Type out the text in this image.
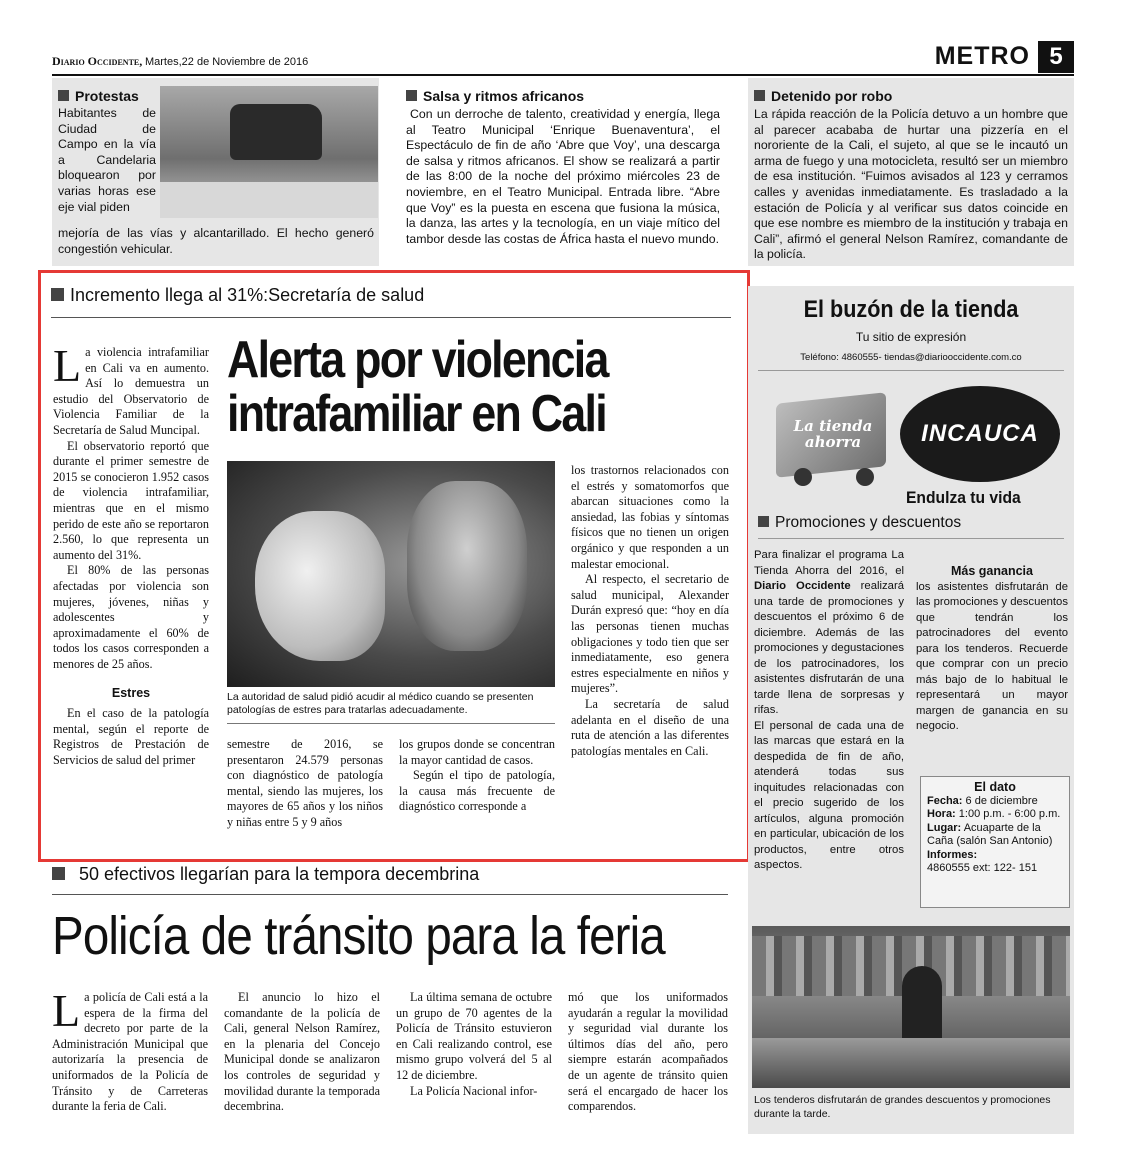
Diario Occidente, Martes,22 de Noviembre de 2016	METRO 5
Protestas
Habitantes de Ciudad de Campo en la vía a Candelaria bloquearon por varias horas ese eje vial piden
mejoría de las vías y alcantarillado. El hecho generó congestión vehicular.
Salsa y ritmos africanos
Con un derroche de talento, creatividad y energía, llega al Teatro Municipal ‘Enrique Buenaventura’, el Espectáculo de fin de año ‘Abre que Voy’, una descarga de salsa y ritmos africanos. El show se realizará a partir de las 8:00 de la noche del próximo miércoles 23 de noviembre, en el Teatro Municipal. Entrada libre. “Abre que Voy” es la puesta en escena que fusiona la música, la danza, las artes y la tecnología, en un viaje mítico del tambor desde las costas de África hasta el nuevo mundo.
Detenido por robo
La rápida reacción de la Policía detuvo a un hombre que al parecer acababa de hurtar una pizzería en el nororiente de la Cali, el sujeto, al que se le incautó un arma de fuego y una motocicleta, resultó ser un miembro de esa institución. “Fuimos avisados al 123 y cerramos calles y avenidas inmediatamente. Es trasladado a la estación de Policía y al verificar sus datos coincide en que ese nombre es miembro de la institución y trabaja en Cali”, afirmó el general Nelson Ramírez, comandante de la policía.
Incremento llega al 31%:Secretaría de salud

La violencia intrafamiliar en Cali va en aumento. Así lo demuestra un estudio del Observatorio de Violencia Familiar de la Secretaría de Salud Muncipal.

El observatorio reportó que durante el primer semestre de 2015 se conocieron 1.952 casos de violencia intrafamiliar, mientras que en el mismo perido de este año se reportaron 2.560, lo que representa un aumento del 31%.

El 80% de las personas afectadas por violencia son mujeres, jóvenes, niñas y adolescentes y aproximadamente el 60% de todos los casos corresponden a menores de 25 años.

Estres

En el caso de la patología mental, según el reporte de Registros de Prestación de Servicios de salud del primer

Alerta por violencia intrafamiliar en Cali
La autoridad de salud pidió acudir al médico cuando se presenten patologías de estres para tratarlas adecuadamente.

semestre de 2016, se presentaron 24.579 personas con diagnóstico de patología mental, siendo las mujeres, los mayores de 65 años y los niños y niñas entre 5 y 9 años

los grupos donde se concentran la mayor cantidad de casos.

Según el tipo de patología, la causa más frecuente de diagnóstico corresponde a

los trastornos relacionados con el estrés y somatomorfos que abarcan situaciones como la ansiedad, las fobias y síntomas físicos que no tienen un origen orgánico y que responden a un malestar emocional.

Al respecto, el secretario de salud municipal, Alexander Durán expresó que: “hoy en día las personas tienen muchas obligaciones y todo tien que ser inmediatamente, eso genera estres especialmente en niños y mujeres”.

La secretaría de salud adelanta en el diseño de una ruta de atención a las diferentes patologías mentales en Cali.

50 efectivos llegarían para la tempora decembrina
Policía de tránsito para la feria

La policía de Cali está a la espera de la firma del decreto por parte de la Administración Municipal que autorizaría la presencia de uniformados de la Policía de Tránsito y de Carreteras durante la feria de Cali.

El anuncio lo hizo el comandante de la policía de Cali, general Nelson Ramírez, en la plenaria del Concejo Municipal donde se analizaron los controles de seguridad y movilidad durante la temporada decembrina.

La última semana de octubre un grupo de 70 agentes de la Policía de Tránsito estuvieron en Cali realizando control, ese mismo grupo volverá del 5 al 12 de diciembre.

La Policía Nacional infor-

mó que los uniformados ayudarán a regular la movilidad y seguridad vial durante los últimos días del año, pero siempre estarán acompañados de un agente de tránsito quien será el encargado de hacer los comparendos.

El buzón de la tienda
Tu sitio de expresión
Teléfono: 4860555- tiendas@diariooccidente.com.co
La tienda ahorra	INCAUCA
Endulza tu vida
Promociones y descuentos
Para finalizar el programa La Tienda Ahorra del 2016, el Diario Occidente realizará una tarde de promociones y descuentos el próximo 6 de diciembre. Además de las promociones y degustaciones de los patrocinadores, los asistentes disfrutarán de una tarde llena de sorpresas y rifas.
El personal de cada una de las marcas que estará en la despedida de fin de año, atenderá todas sus inquitudes relacionadas con el precio sugerido de los artículos, alguna promoción en particular, ubicación de los productos, entre otros aspectos.
Más ganancia
los asistentes disfrutarán de las promociones y descuentos que tendrán los patrocinadores del evento para los tenderos. Recuerde que comprar con un precio más bajo de lo habitual le representará un mayor margen de ganancia en su negocio.
El dato
Fecha: 6 de diciembre
Hora: 1:00 p.m. - 6:00 p.m.
Lugar: Acuaparte de la Caña (salón San Antonio)
Informes:
4860555 ext: 122- 151
Los tenderos disfrutarán de grandes descuentos y promociones durante la tarde.
